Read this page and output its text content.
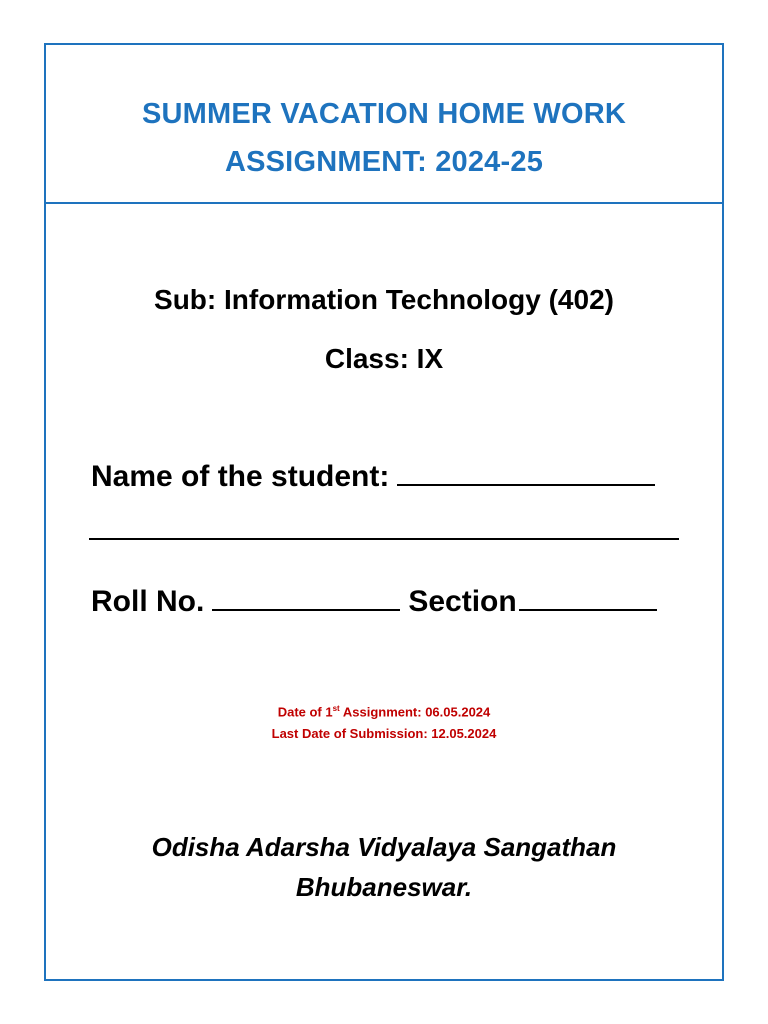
SUMMER VACATION HOME WORK
ASSIGNMENT: 2024-25
Sub: Information Technology (402)
Class: IX
Name of the student:
Roll No.	Section
Date of 1st Assignment: 06.05.2024
Last Date of Submission: 12.05.2024
Odisha Adarsha Vidyalaya Sangathan
Bhubaneswar.
